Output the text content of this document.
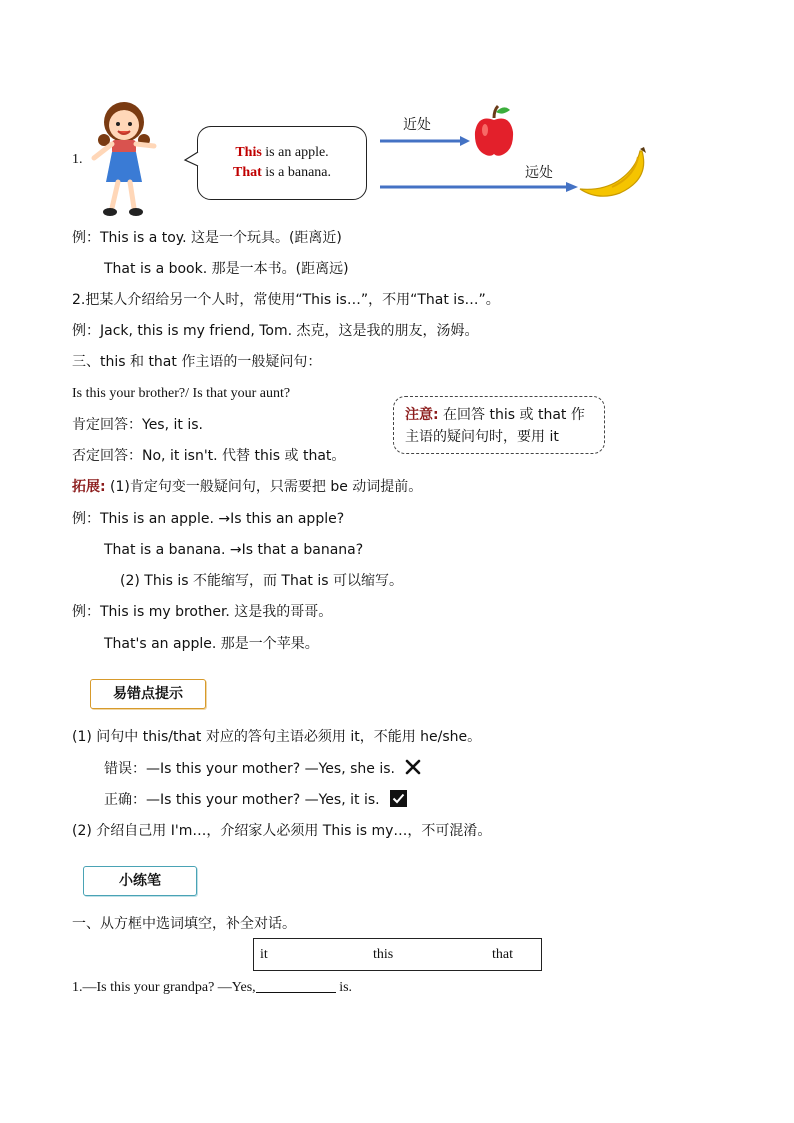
1.	This is an apple.
That is a banana.
近处
远处
例：This is a toy. 这是一个玩具。(距离近)
That is a book. 那是一本书。(距离远)
2.把某人介绍给另一个人时，常使用“This is…”，不用“That is…”。
例：Jack, this is my friend, Tom. 杰克，这是我的朋友，汤姆。
三、this 和 that 作主语的一般疑问句：
Is this your brother?/ Is that your aunt?
肯定回答：Yes, it is.
否定回答：No, it isn't. 代替 this 或 that。
注意: 在回答 this 或 that 作
主语的疑问句时，要用 it
拓展: (1)肯定句变一般疑问句，只需要把 be 动词提前。
例：This is an apple. →Is this an apple?
That is a banana. →Is that a banana?
(2) This is 不能缩写，而 That is 可以缩写。
例：This is my brother. 这是我的哥哥。
That's an apple. 那是一个苹果。
易错点提示
(1) 问句中 this/that 对应的答句主语必须用 it，不能用 he/she。
错误：—Is this your mother? —Yes, she is.
正确：—Is this your mother? —Yes, it is.
(2) 介绍自己用 I'm…，介绍家人必须用 This is my…，不可混淆。
小练笔
一、从方框中选词填空，补全对话。
it	this	that
1.—Is this your grandpa? —Yes,	is.
